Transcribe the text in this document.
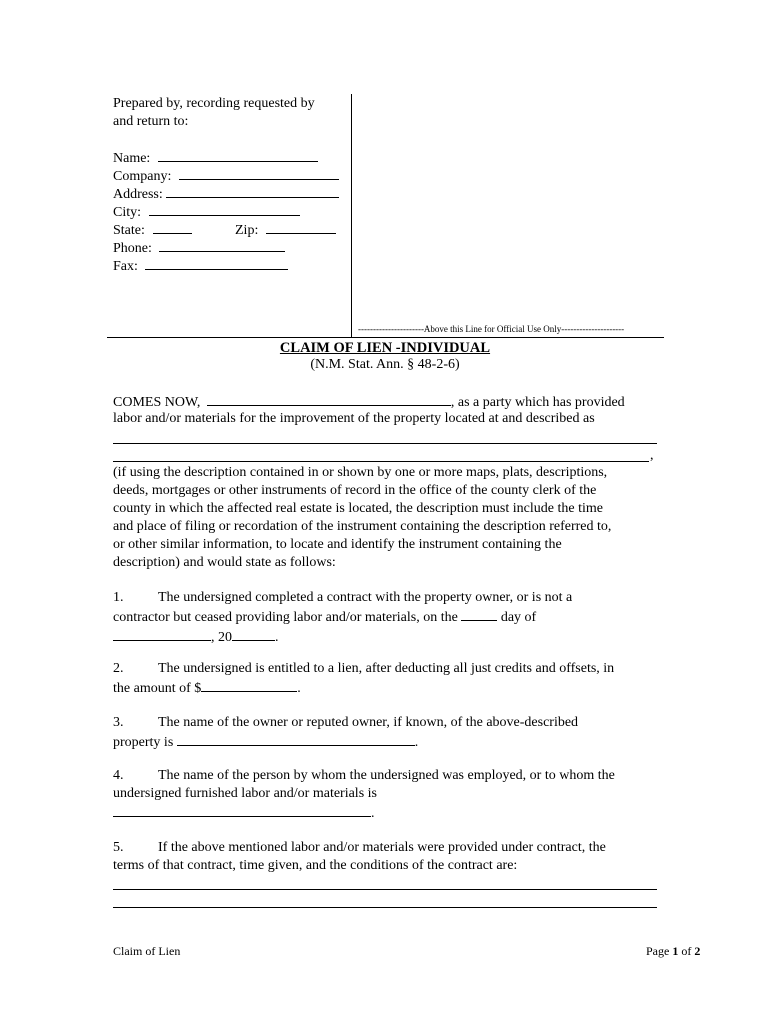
Prepared by, recording requested by
and return to:
Name:
Company:
Address:
City:
State:	Zip:
Phone:
Fax:
----------------------Above this Line for Official Use Only---------------------
CLAIM OF LIEN -INDIVIDUAL
(N.M. Stat. Ann. § 48-2-6)
COMES NOW,	, as a party which has provided
labor and/or materials for the improvement of the property located at and described as
,

(if using the description contained in or shown by one or more maps, plats, descriptions,

deeds, mortgages or other instruments of record in the office of the county clerk of the

county in which the affected real estate is located, the description must include the time

and place of filing or recordation of the instrument containing the description referred to,

or other similar information, to locate and identify the instrument containing the

description) and would state as follows:

1. The undersigned completed a contract with the property owner, or is not a

contractor but ceased providing labor and/or materials, on the	day of

, 20	.

2. The undersigned is entitled to a lien, after deducting all just credits and offsets, in

the amount of $	.

3. The name of the owner or reputed owner, if known, of the above-described

property is	.

4. The name of the person by whom the undersigned was employed, or to whom the

undersigned furnished labor and/or materials is

.

5. If the above mentioned labor and/or materials were provided under contract, the

terms of that contract, time given, and the conditions of the contract are:

Claim of Lien	Page 1 of 2
